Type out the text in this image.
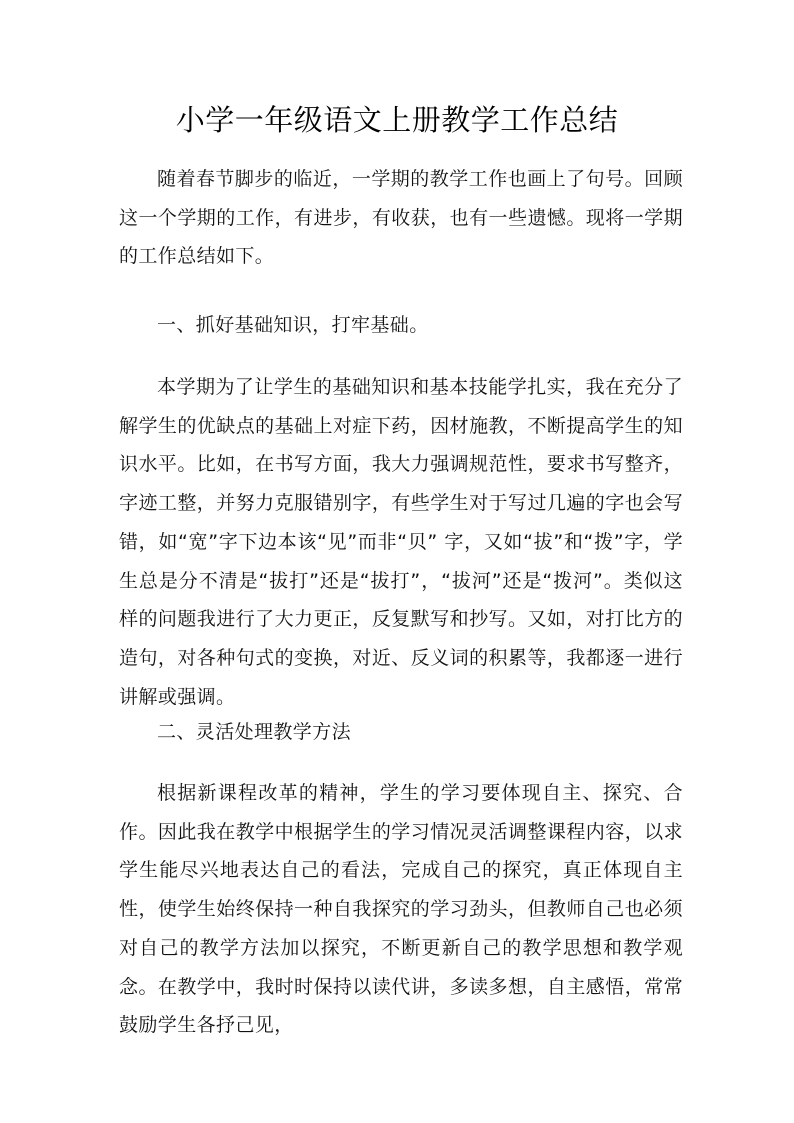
小学一年级语文上册教学工作总结

随着春节脚步的临近，一学期的教学工作也画上了句号。回顾这一个学期的工作，有进步，有收获，也有一些遗憾。现将一学期的工作总结如下。

一、抓好基础知识，打牢基础。

本学期为了让学生的基础知识和基本技能学扎实，我在充分了解学生的优缺点的基础上对症下药，因材施教，不断提高学生的知识水平。比如，在书写方面，我大力强调规范性，要求书写整齐，字迹工整，并努力克服错别字，有些学生对于写过几遍的字也会写错，如“宽”字下边本该“见”而非“贝” 字，又如“拔”和“拨”字，学生总是分不清是“拔打”还是“拔打”，“拔河”还是“拨河”。类似这样的问题我进行了大力更正，反复默写和抄写。又如，对打比方的造句，对各种句式的变换，对近、反义词的积累等，我都逐一进行讲解或强调。

二、灵活处理教学方法

根据新课程改革的精神，学生的学习要体现自主、探究、合作。因此我在教学中根据学生的学习情况灵活调整课程内容，以求学生能尽兴地表达自己的看法，完成自己的探究，真正体现自主性，使学生始终保持一种自我探究的学习劲头，但教师自己也必须对自己的教学方法加以探究，不断更新自己的教学思想和教学观念。在教学中，我时时保持以读代讲，多读多想，自主感悟，常常鼓励学生各抒己见，
